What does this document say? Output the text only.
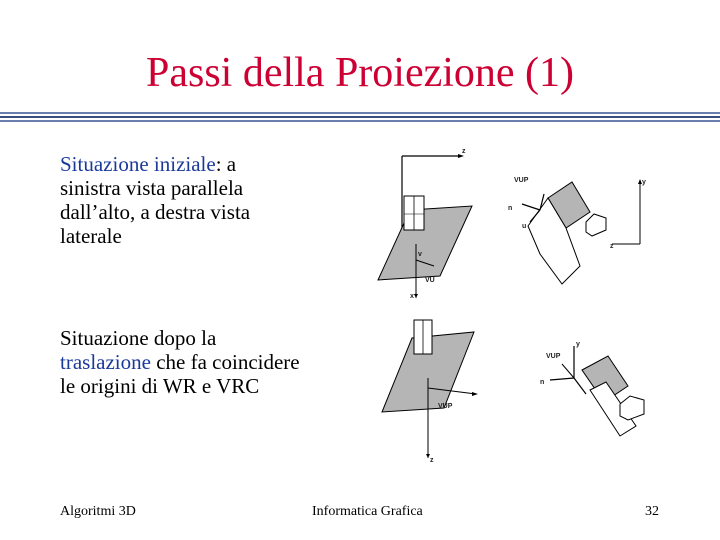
Passi della Proiezione (1)
Situazione iniziale: a sinistra vista parallela dall’alto, a destra vista laterale
Situazione dopo la traslazione che fa coincidere le origini di WR e VRC
z
VU
v
x
y
z
VUP
n
u
z
VUP
VUP
n
y
Algoritmi 3D	Informatica Grafica	32
